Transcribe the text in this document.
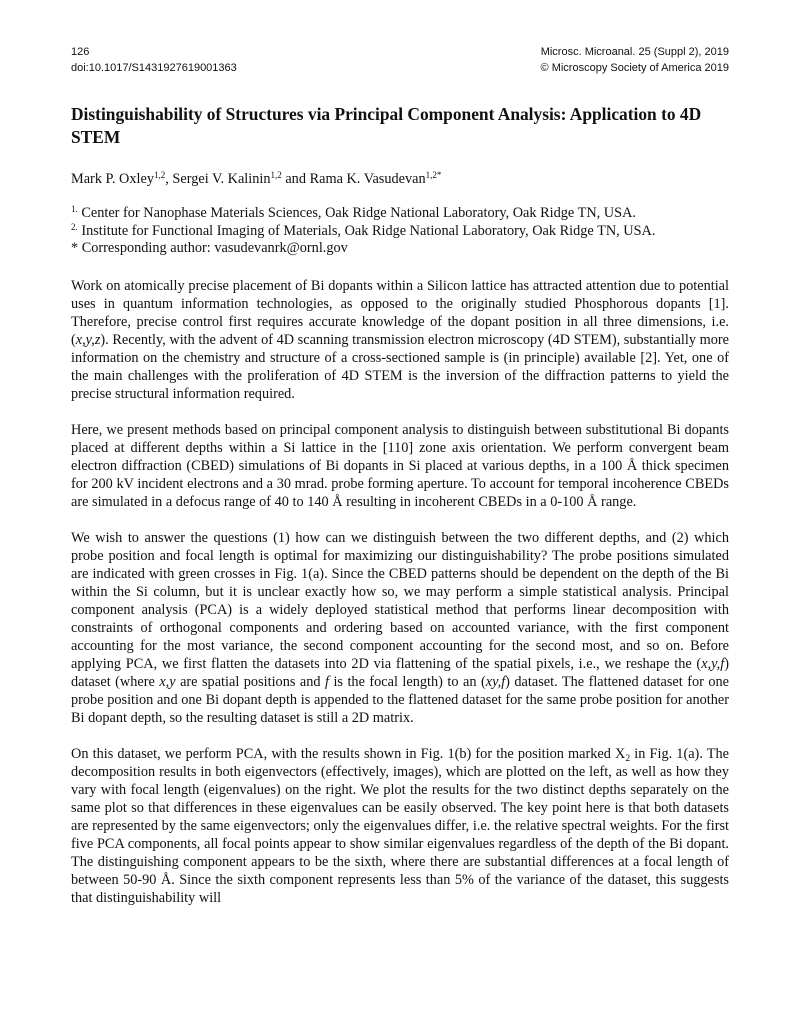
126
doi:10.1017/S1431927619001363
Microsc. Microanal. 25 (Suppl 2), 2019
© Microscopy Society of America 2019
Distinguishability of Structures via Principal Component Analysis: Application to 4D STEM
Mark P. Oxley$^{1,2}$, Sergei V. Kalinin$^{1,2}$ and Rama K. Vasudevan$^{1,2*}$
$^{1.}$ Center for Nanophase Materials Sciences, Oak Ridge National Laboratory, Oak Ridge TN, USA.
$^{2.}$ Institute for Functional Imaging of Materials, Oak Ridge National Laboratory, Oak Ridge TN, USA.
* Corresponding author: vasudevanrk@ornl.gov
Work on atomically precise placement of Bi dopants within a Silicon lattice has attracted attention due to potential uses in quantum information technologies, as opposed to the originally studied Phosphorous dopants [1]. Therefore, precise control first requires accurate knowledge of the dopant position in all three dimensions, i.e. (x,y,z). Recently, with the advent of 4D scanning transmission electron microscopy (4D STEM), substantially more information on the chemistry and structure of a cross-sectioned sample is (in principle) available [2]. Yet, one of the main challenges with the proliferation of 4D STEM is the inversion of the diffraction patterns to yield the precise structural information required.
Here, we present methods based on principal component analysis to distinguish between substitutional Bi dopants placed at different depths within a Si lattice in the [110] zone axis orientation. We perform convergent beam electron diffraction (CBED) simulations of Bi dopants in Si placed at various depths, in a 100 Å thick specimen for 200 kV incident electrons and a 30 mrad. probe forming aperture. To account for temporal incoherence CBEDs are simulated in a defocus range of 40 to 140 Å resulting in incoherent CBEDs in a 0-100 Å range.
We wish to answer the questions (1) how can we distinguish between the two different depths, and (2) which probe position and focal length is optimal for maximizing our distinguishability? The probe positions simulated are indicated with green crosses in Fig. 1(a). Since the CBED patterns should be dependent on the depth of the Bi within the Si column, but it is unclear exactly how so, we may perform a simple statistical analysis. Principal component analysis (PCA) is a widely deployed statistical method that performs linear decomposition with constraints of orthogonal components and ordering based on accounted variance, with the first component accounting for the most variance, the second component accounting for the second most, and so on. Before applying PCA, we first flatten the datasets into 2D via flattening of the spatial pixels, i.e., we reshape the (x,y,f) dataset (where x,y are spatial positions and f is the focal length) to an (xy,f) dataset. The flattened dataset for one probe position and one Bi dopant depth is appended to the flattened dataset for the same probe position for another Bi dopant depth, so the resulting dataset is still a 2D matrix.
On this dataset, we perform PCA, with the results shown in Fig. 1(b) for the position marked $X_2$ in Fig. 1(a). The decomposition results in both eigenvectors (effectively, images), which are plotted on the left, as well as how they vary with focal length (eigenvalues) on the right. We plot the results for the two distinct depths separately on the same plot so that differences in these eigenvalues can be easily observed. The key point here is that both datasets are represented by the same eigenvectors; only the eigenvalues differ, i.e. the relative spectral weights. For the first five PCA components, all focal points appear to show similar eigenvalues regardless of the depth of the Bi dopant. The distinguishing component appears to be the sixth, where there are substantial differences at a focal length of between 50-90 Å. Since the sixth component represents less than 5% of the variance of the dataset, this suggests that distinguishability will
